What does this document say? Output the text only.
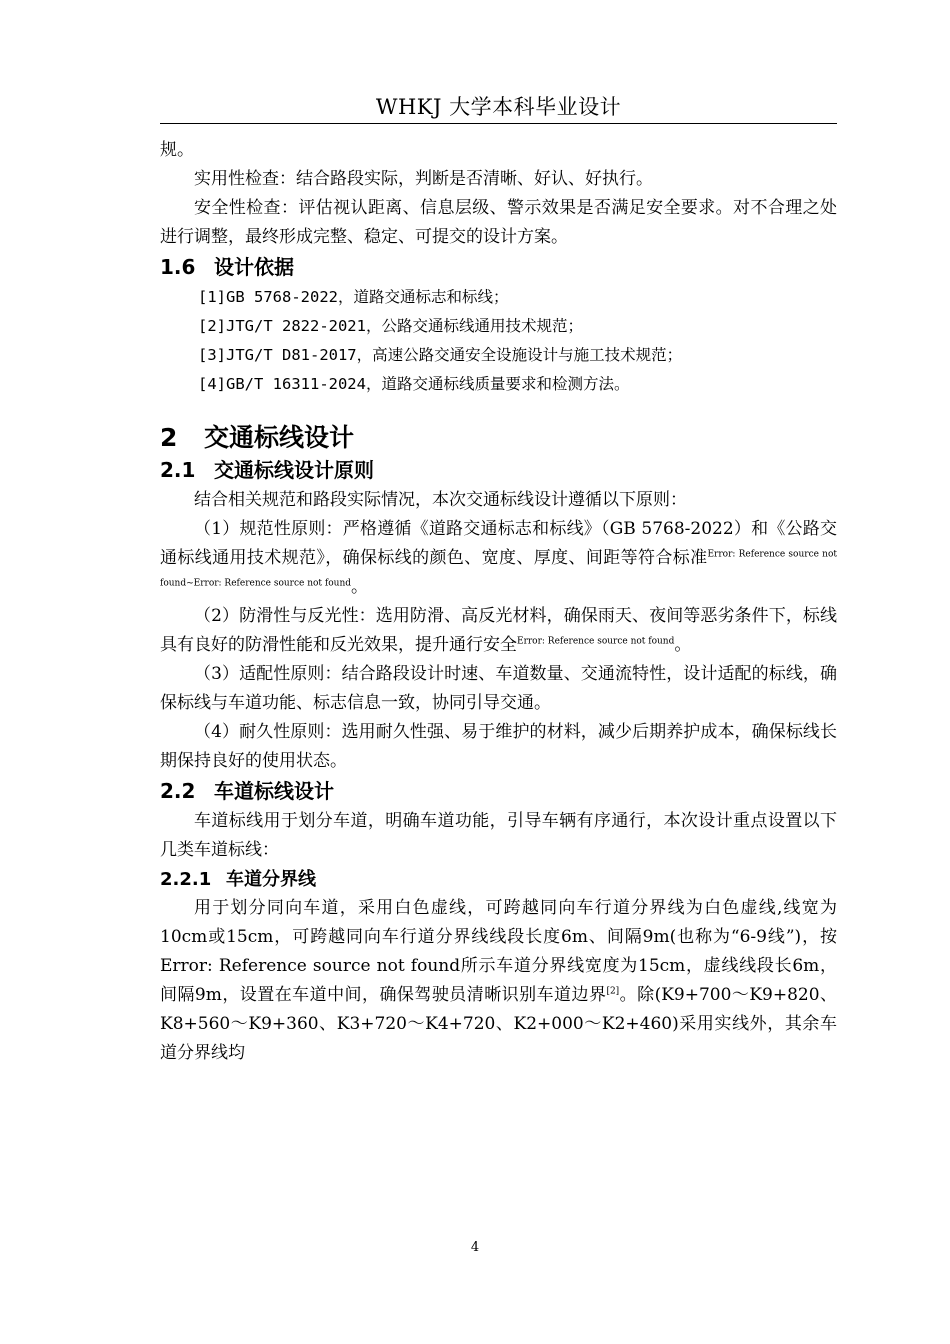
WHKJ 大学本科毕业设计

规。

实用性检查：结合路段实际，判断是否清晰、好认、好执行。

安全性检查：评估视认距离、信息层级、警示效果是否满足安全要求。对不合理之处进行调整，最终形成完整、稳定、可提交的设计方案。

1.6 设计依据

[1]GB 5768-2022，道路交通标志和标线；

[2]JTG/T 2822-2021，公路交通标线通用技术规范；

[3]JTG/T D81-2017，高速公路交通安全设施设计与施工技术规范；

[4]GB/T 16311-2024，道路交通标线质量要求和检测方法。

2 交通标线设计
2.1 交通标线设计原则

结合相关规范和路段实际情况，本次交通标线设计遵循以下原则：

（1）规范性原则：严格遵循《道路交通标志和标线》（GB 5768-2022）和《公路交通标线通用技术规范》，确保标线的颜色、宽度、厚度、间距等符合标准$^{Error: Reference source not found\sim Error: Reference source not found}$。

（2）防滑性与反光性：选用防滑、高反光材料，确保雨天、夜间等恶劣条件下，标线具有良好的防滑性能和反光效果，提升通行安全$^{Error: Reference source not found}$。

（3）适配性原则：结合路段设计时速、车道数量、交通流特性，设计适配的标线，确保标线与车道功能、标志信息一致，协同引导交通。

（4）耐久性原则：选用耐久性强、易于维护的材料，减少后期养护成本，确保标线长期保持良好的使用状态。

2.2 车道标线设计

车道标线用于划分车道，明确车道功能，引导车辆有序通行，本次设计重点设置以下几类车道标线：

2.2.1 车道分界线

用于划分同向车道，采用白色虚线，可跨越同向车行道分界线为白色虚线,线宽为10cm或15cm，可跨越同向车行道分界线线段长度6m、间隔9m(也称为“6-9线”)，按Error: Reference source not found所示车道分界线宽度为15cm，虚线线段长6m，间隔9m，设置在车道中间，确保驾驶员清晰识别车道边界[2]。除(K9+700～K9+820、K8+560～K9+360、K3+720～K4+720、K2+000～K2+460)采用实线外，其余车道分界线均

4
